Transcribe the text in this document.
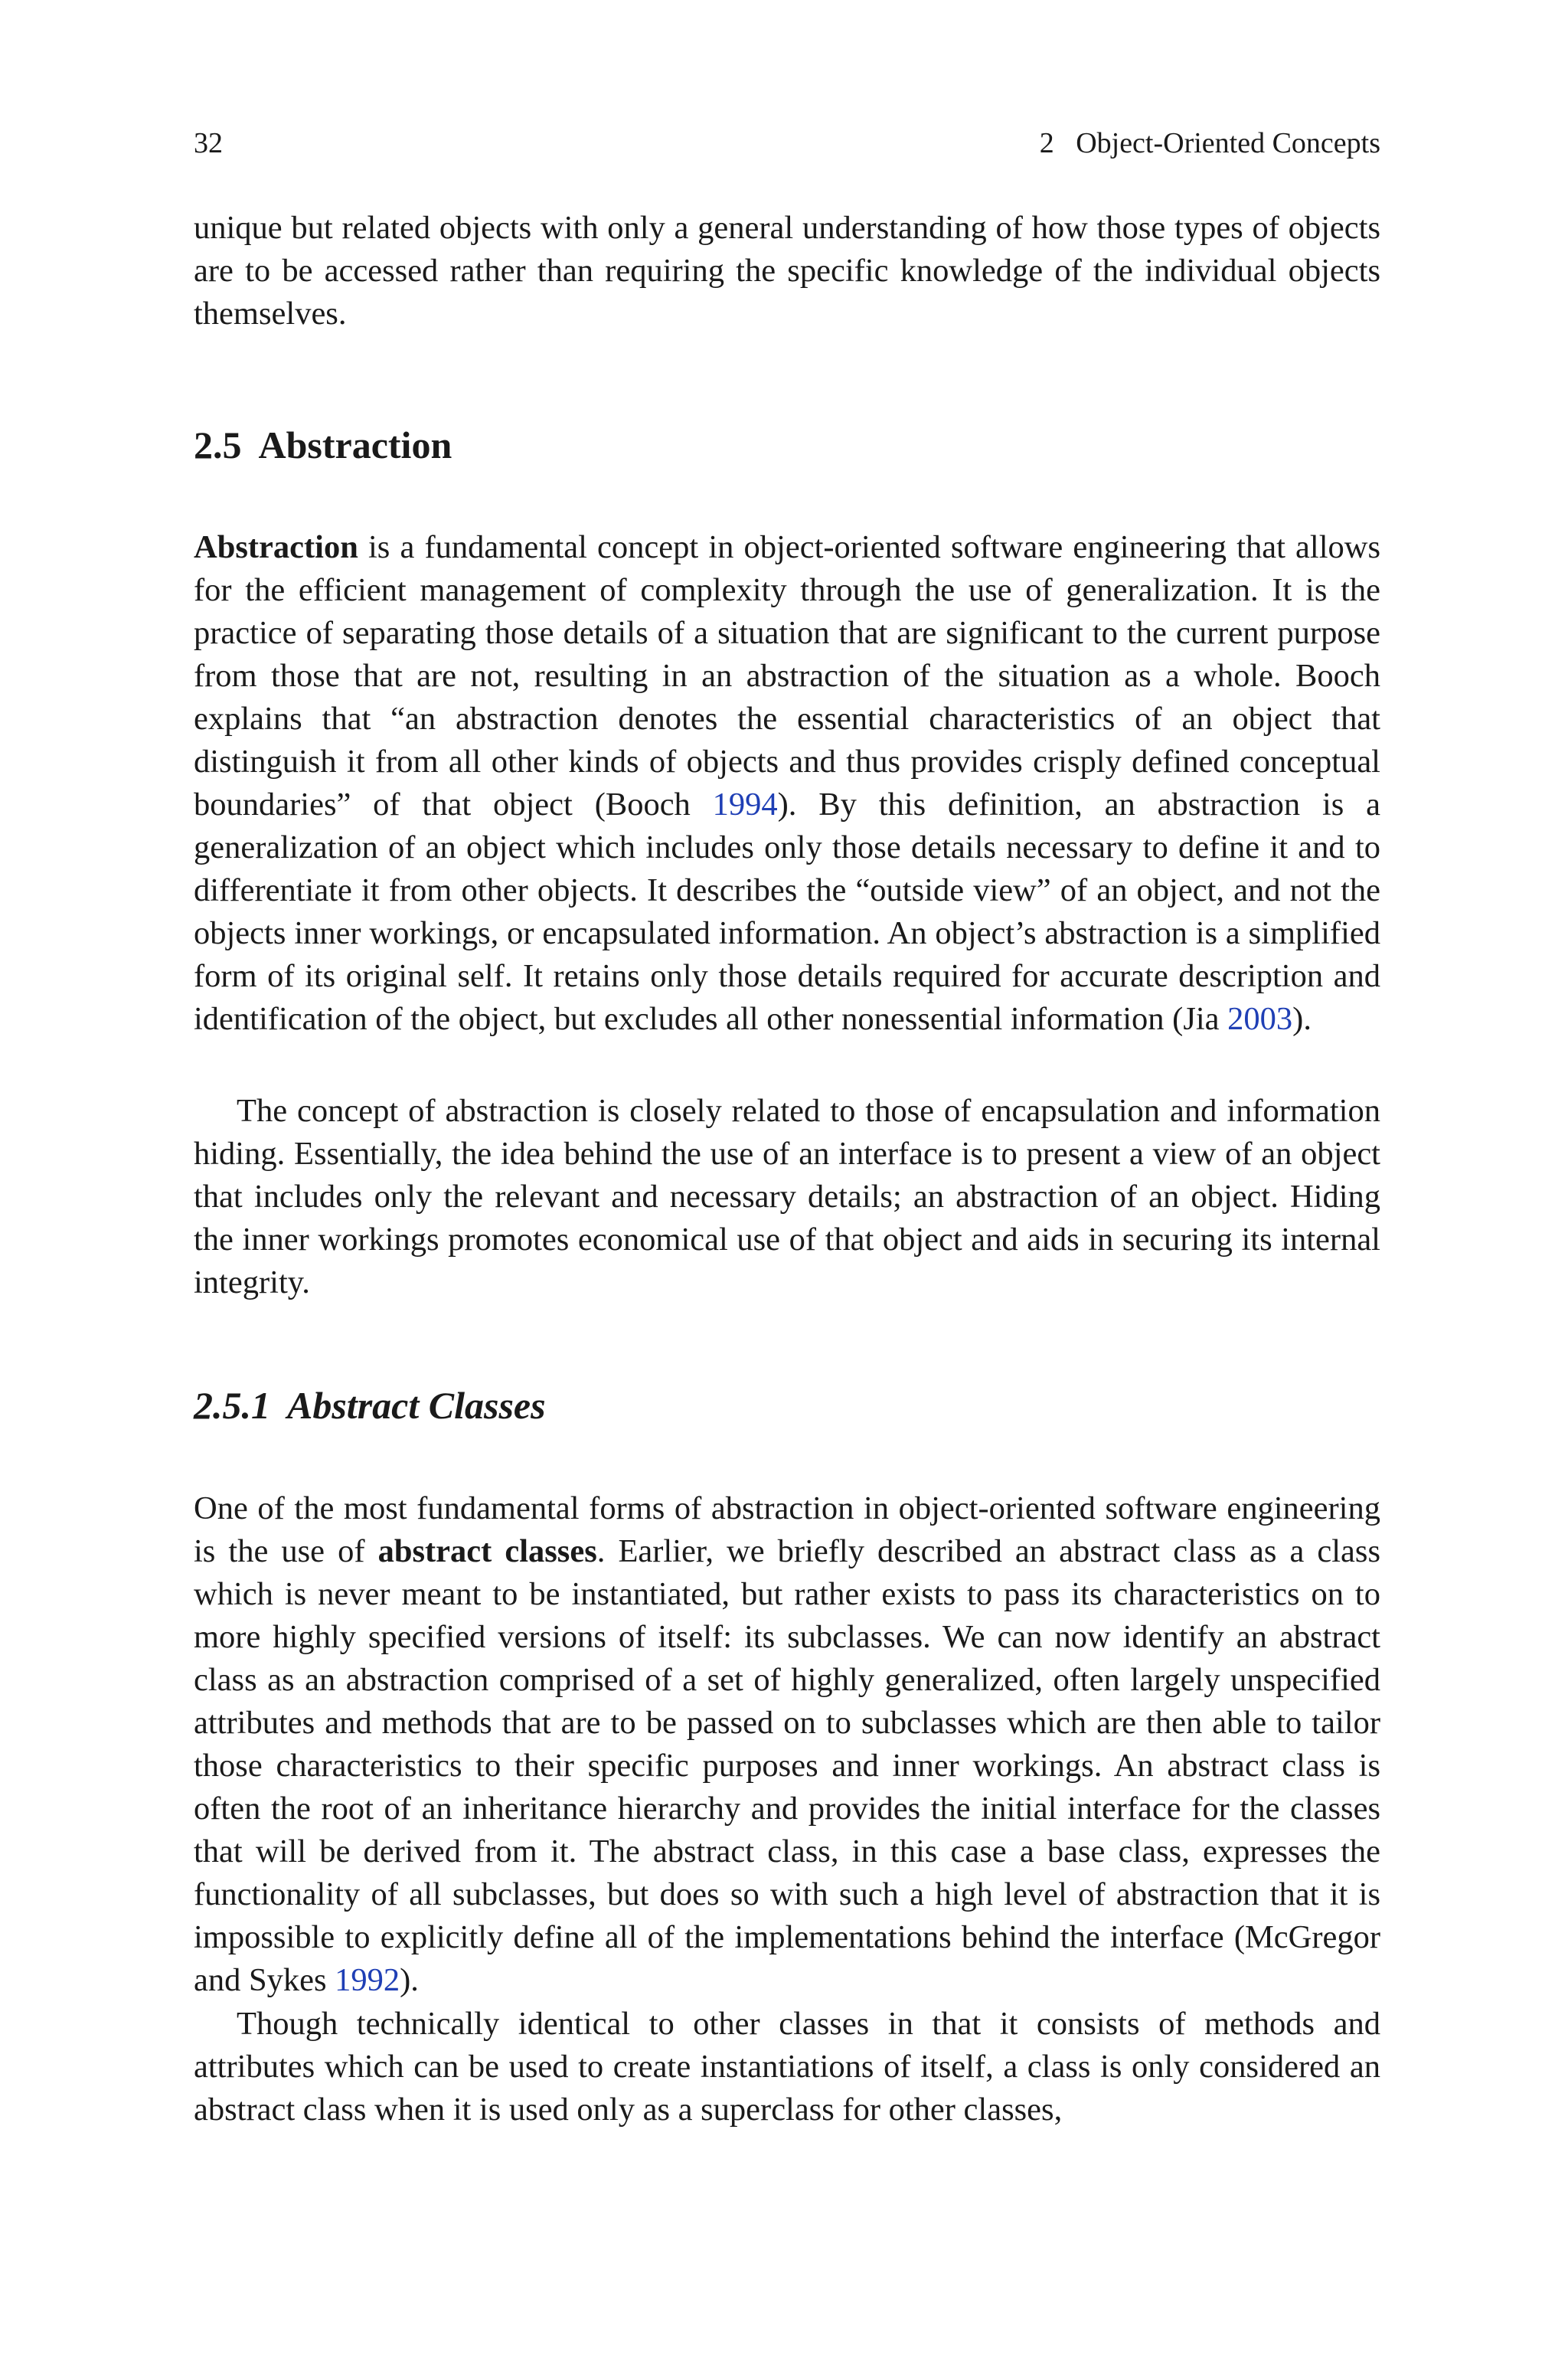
32	2   Object-Oriented Concepts

unique but related objects with only a general understanding of how those types of objects are to be accessed rather than requiring the specific knowledge of the individual objects themselves.

2.5 Abstraction

Abstraction is a fundamental concept in object-oriented software engineering that allows for the efficient management of complexity through the use of generalization. It is the practice of separating those details of a situation that are significant to the current purpose from those that are not, resulting in an abstraction of the situation as a whole. Booch explains that “an abstraction denotes the essential characteristics of an object that distinguish it from all other kinds of objects and thus provides crisply defined conceptual boundaries” of that object (Booch 1994). By this definition, an abstraction is a generalization of an object which includes only those details necessary to define it and to differentiate it from other objects. It describes the “outside view” of an object, and not the objects inner workings, or encapsulated information. An object’s abstraction is a simplified form of its original self. It retains only those details required for accurate description and identification of the object, but excludes all other nonessential information (Jia 2003).

The concept of abstraction is closely related to those of encapsulation and information hiding. Essentially, the idea behind the use of an interface is to present a view of an object that includes only the relevant and necessary details; an abstraction of an object. Hiding the inner workings promotes economical use of that object and aids in securing its internal integrity.

2.5.1 Abstract Classes

One of the most fundamental forms of abstraction in object-oriented software engineering is the use of abstract classes. Earlier, we briefly described an abstract class as a class which is never meant to be instantiated, but rather exists to pass its characteristics on to more highly specified versions of itself: its subclasses. We can now identify an abstract class as an abstraction comprised of a set of highly generalized, often largely unspecified attributes and methods that are to be passed on to subclasses which are then able to tailor those characteristics to their specific purposes and inner workings. An abstract class is often the root of an inheritance hierarchy and provides the initial interface for the classes that will be derived from it. The abstract class, in this case a base class, expresses the functionality of all subclasses, but does so with such a high level of abstraction that it is impossible to explicitly define all of the implementations behind the interface (McGregor and Sykes 1992).

Though technically identical to other classes in that it consists of methods and attributes which can be used to create instantiations of itself, a class is only considered an abstract class when it is used only as a superclass for other classes,
